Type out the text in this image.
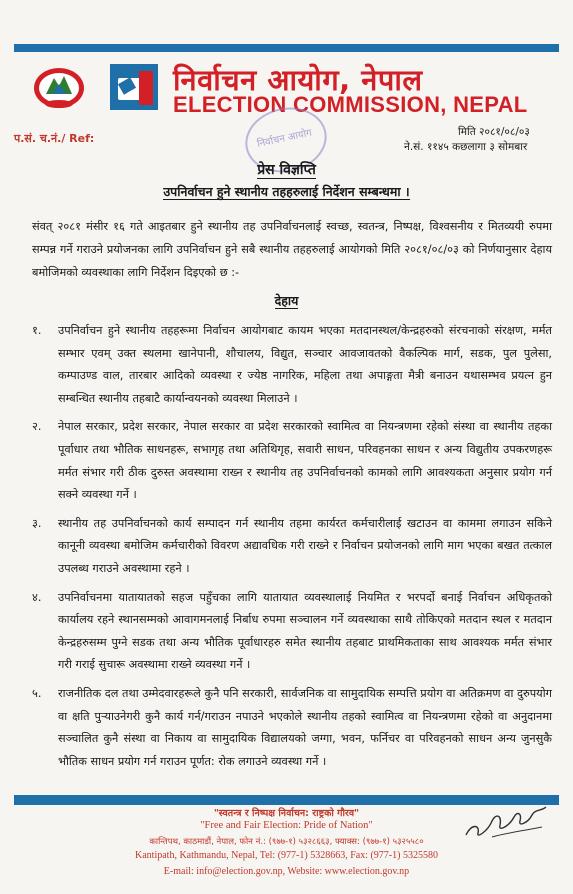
निर्वाचन आयोग, नेपाल
ELECTION COMMISSION, NEPAL
प.सं. च.नं./ Ref:	निर्वाचन आयोग	मिति २०८१/०८/०३
ने.सं. ११४५ कछलागा ३ सोमबार
प्रेस विज्ञप्ति
उपनिर्वाचन हुने स्थानीय तहहरुलाई निर्देशन सम्बन्धमा ।

संवत् २०८१ मंसीर १६ गते आइतबार हुने स्थानीय तह उपनिर्वाचनलाई स्वच्छ, स्वतन्त्र, निष्पक्ष, विश्वसनीय र मितव्ययी रुपमा सम्पन्न गर्ने गराउने प्रयोजनका लागि उपनिर्वाचन हुने सबै स्थानीय तहहरुलाई आयोगको मिति २०८१/०८/०३ को निर्णयानुसार देहाय बमोजिमको व्यवस्थाका लागि निर्देशन दिइएको छ :-

देहाय
१. उपनिर्वाचन हुने स्थानीय तहहरूमा निर्वाचन आयोगबाट कायम भएका मतदानस्थल/केन्द्रहरुको संरचनाको संरक्षण, मर्मत सम्भार एवम् उक्त स्थलमा खानेपानी, शौचालय, विद्युत, सञ्चार आवजावतको वैकल्पिक मार्ग, सडक, पुल पुलेसा, कम्पाउण्ड वाल, तारबार आदिको व्यवस्था र ज्येष्ठ नागरिक, महिला तथा अपाङ्गता मैत्री बनाउन यथासम्भव प्रयत्न हुन सम्बन्धित स्थानीय तहबाटै कार्यान्वयनको व्यवस्था मिलाउने ।
२. नेपाल सरकार, प्रदेश सरकार, नेपाल सरकार वा प्रदेश सरकारको स्वामित्व वा नियन्त्रणमा रहेको संस्था वा स्थानीय तहका पूर्वाधार तथा भौतिक साधनहरू, सभागृह तथा अतिथिगृह, सवारी साधन, परिवहनका साधन र अन्य विद्युतीय उपकरणहरू मर्मत संभार गरी ठीक दुरुस्त अवस्थामा राख्न र स्थानीय तह उपनिर्वाचनको कामको लागि आवश्यकता अनुसार प्रयोग गर्न सक्ने व्यवस्था गर्ने ।
३. स्थानीय तह उपनिर्वाचनको कार्य सम्पादन गर्न स्थानीय तहमा कार्यरत कर्मचारीलाई खटाउन वा काममा लगाउन सकिने कानूनी व्यवस्था बमोजिम कर्मचारीको विवरण अद्यावधिक गरी राख्ने र निर्वाचन प्रयोजनको लागि माग भएका बखत तत्काल उपलब्ध गराउने अवस्थामा रहने ।
४. उपनिर्वाचनमा यातायातको सहज पहुँचका लागि यातायात व्यवस्थालाई नियमित र भरपर्दो बनाई निर्वाचन अधिकृतको कार्यालय रहने स्थानसम्मको आवागमनलाई निर्बाध रुपमा सञ्चालन गर्ने व्यवस्थाका साथै तोकिएको मतदान स्थल र मतदान केन्द्रहरुसम्म पुग्ने सडक तथा अन्य भौतिक पूर्वाधारहरु समेत स्थानीय तहबाट प्राथमिकताका साथ आवश्यक मर्मत संभार गरी गराई सुचारू अवस्थामा राख्ने व्यवस्था गर्ने ।
५. राजनीतिक दल तथा उम्मेदवारहरूले कुनै पनि सरकारी, सार्वजनिक वा सामुदायिक सम्पत्ति प्रयोग वा अतिक्रमण वा दुरुपयोग वा क्षति पुऱ्याउनेगरी कुनै कार्य गर्न/गराउन नपाउने भएकोले स्थानीय तहको स्वामित्व वा नियन्त्रणमा रहेको वा अनुदानमा सञ्चालित कुनै संस्था वा निकाय वा सामुदायिक विद्यालयको जग्गा, भवन, फर्निचर वा परिवहनको साधन अन्य जुनसुकै भौतिक साधन प्रयोग गर्न गराउन पूर्णत: रोक लगाउने व्यवस्था गर्ने ।
"स्वतन्त्र र निष्पक्ष निर्वाचन: राष्ट्रको गौरव"
"Free and Fair Election: Pride of Nation"
कान्तिपथ, काठमाडौं, नेपाल, फोन नं.: (९७७-१) ५३२८६६३, फ्याक्स: (९७७-१) ५३२५५८०
Kantipath, Kathmandu, Nepal, Tel: (977-1) 5328663, Fax: (977-1) 5325580
E-mail: info@election.gov.np, Website: www.election.gov.np
